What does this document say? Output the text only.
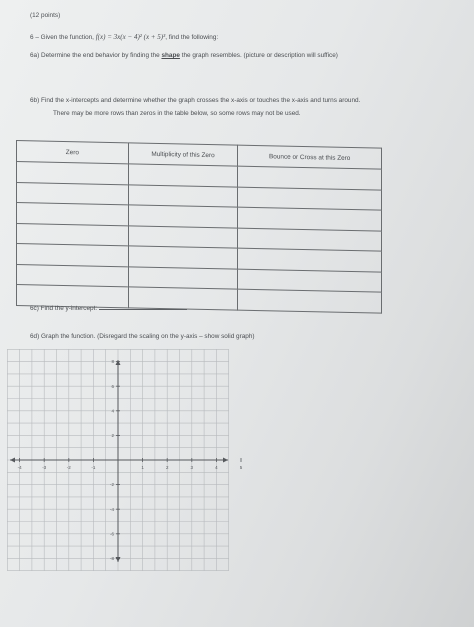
(12 points)
6 – Given the function, f(x) = 3x(x − 4)² (x + 5)³, find the following:
6a) Determine the end behavior by finding the shape the graph resembles. (picture or description will suffice)
6b) Find the x-intercepts and determine whether the graph crosses the x-axis or touches the x-axis and turns around.
There may be more rows than zeros in the table below, so some rows may not be used.
Zero	Multiplicity of this Zero	Bounce or Cross at this Zero

6c) Find the y-intercept:
6d) Graph the function. (Disregard the scaling on the y-axis – show solid graph)
-4	-3	-2	-1	1	2	3	4	5
8
6
4
2
-2
-4
-6
-8
